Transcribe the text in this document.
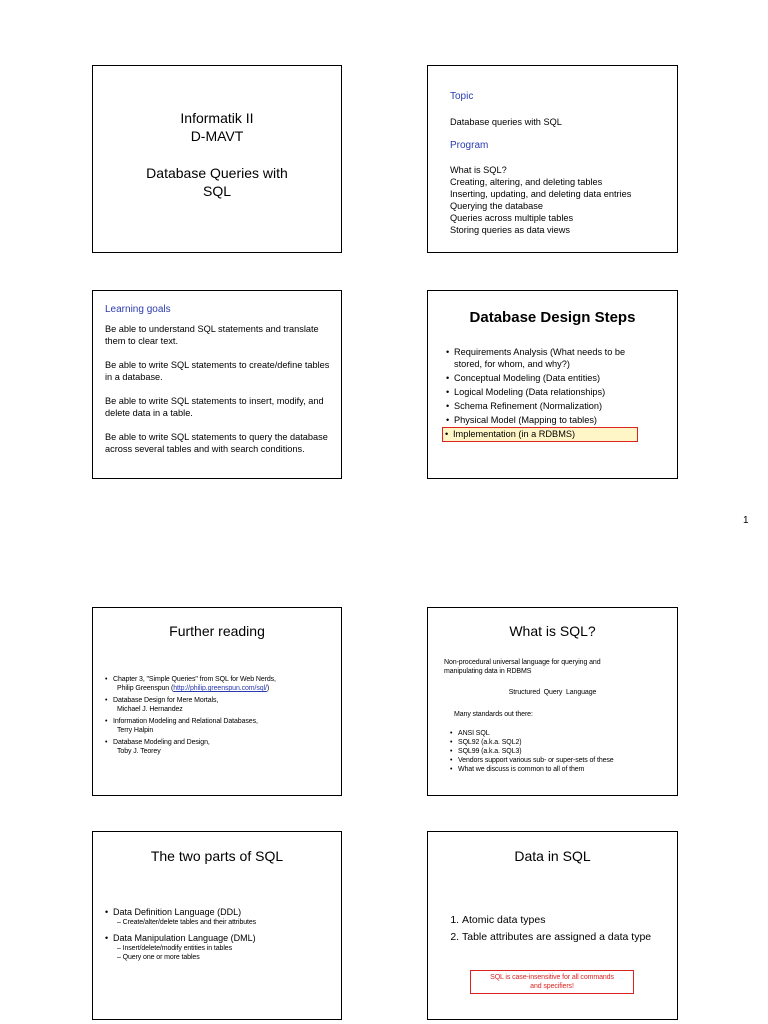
Informatik II
D-MAVT
Database Queries with
SQL
Topic
Database queries with SQL
Program
What is SQL?
Creating, altering, and deleting tables
Inserting, updating, and deleting data entries
Querying the database
Queries across multiple tables
Storing queries as data views
Learning goals
Be able to understand SQL statements and translate them to clear text.
Be able to write SQL statements to create/define tables in a database.
Be able to write SQL statements to insert, modify, and delete data in a table.
Be able to write SQL statements to query the database across several tables and with search conditions.
Database Design Steps
• Requirements Analysis (What needs to be stored, for whom, and why?)
• Conceptual Modeling (Data entities)
• Logical Modeling (Data relationships)
• Schema Refinement (Normalization)
• Physical Model (Mapping to tables)
• Implementation (in a RDBMS)
1
Further reading
• Chapter 3, "Simple Queries" from SQL for Web Nerds,
Philip Greenspun (http://philip.greenspun.com/sql/)
• Database Design for Mere Mortals,
Michael J. Hernandez
• Information Modeling and Relational Databases,
Terry Halpin
• Database Modeling and Design,
Toby J. Teorey
What is SQL?
Non-procedural universal language for querying and
manipulating data in RDBMS
Structured  Query  Language
Many standards out there:
• ANSI SQL
• SQL92 (a.k.a. SQL2)
• SQL99 (a.k.a. SQL3)
• Vendors support various sub- or super-sets of these
• What we discuss is common to all of them
The two parts of SQL
• Data Definition Language (DDL)
– Create/alter/delete tables and their attributes
• Data Manipulation Language (DML)
– Insert/delete/modify entities in tables
– Query one or more tables
Data in SQL
1. Atomic data types
2. Table attributes are assigned a data type
SQL is case-insensitive for all commands
and specifiers!
